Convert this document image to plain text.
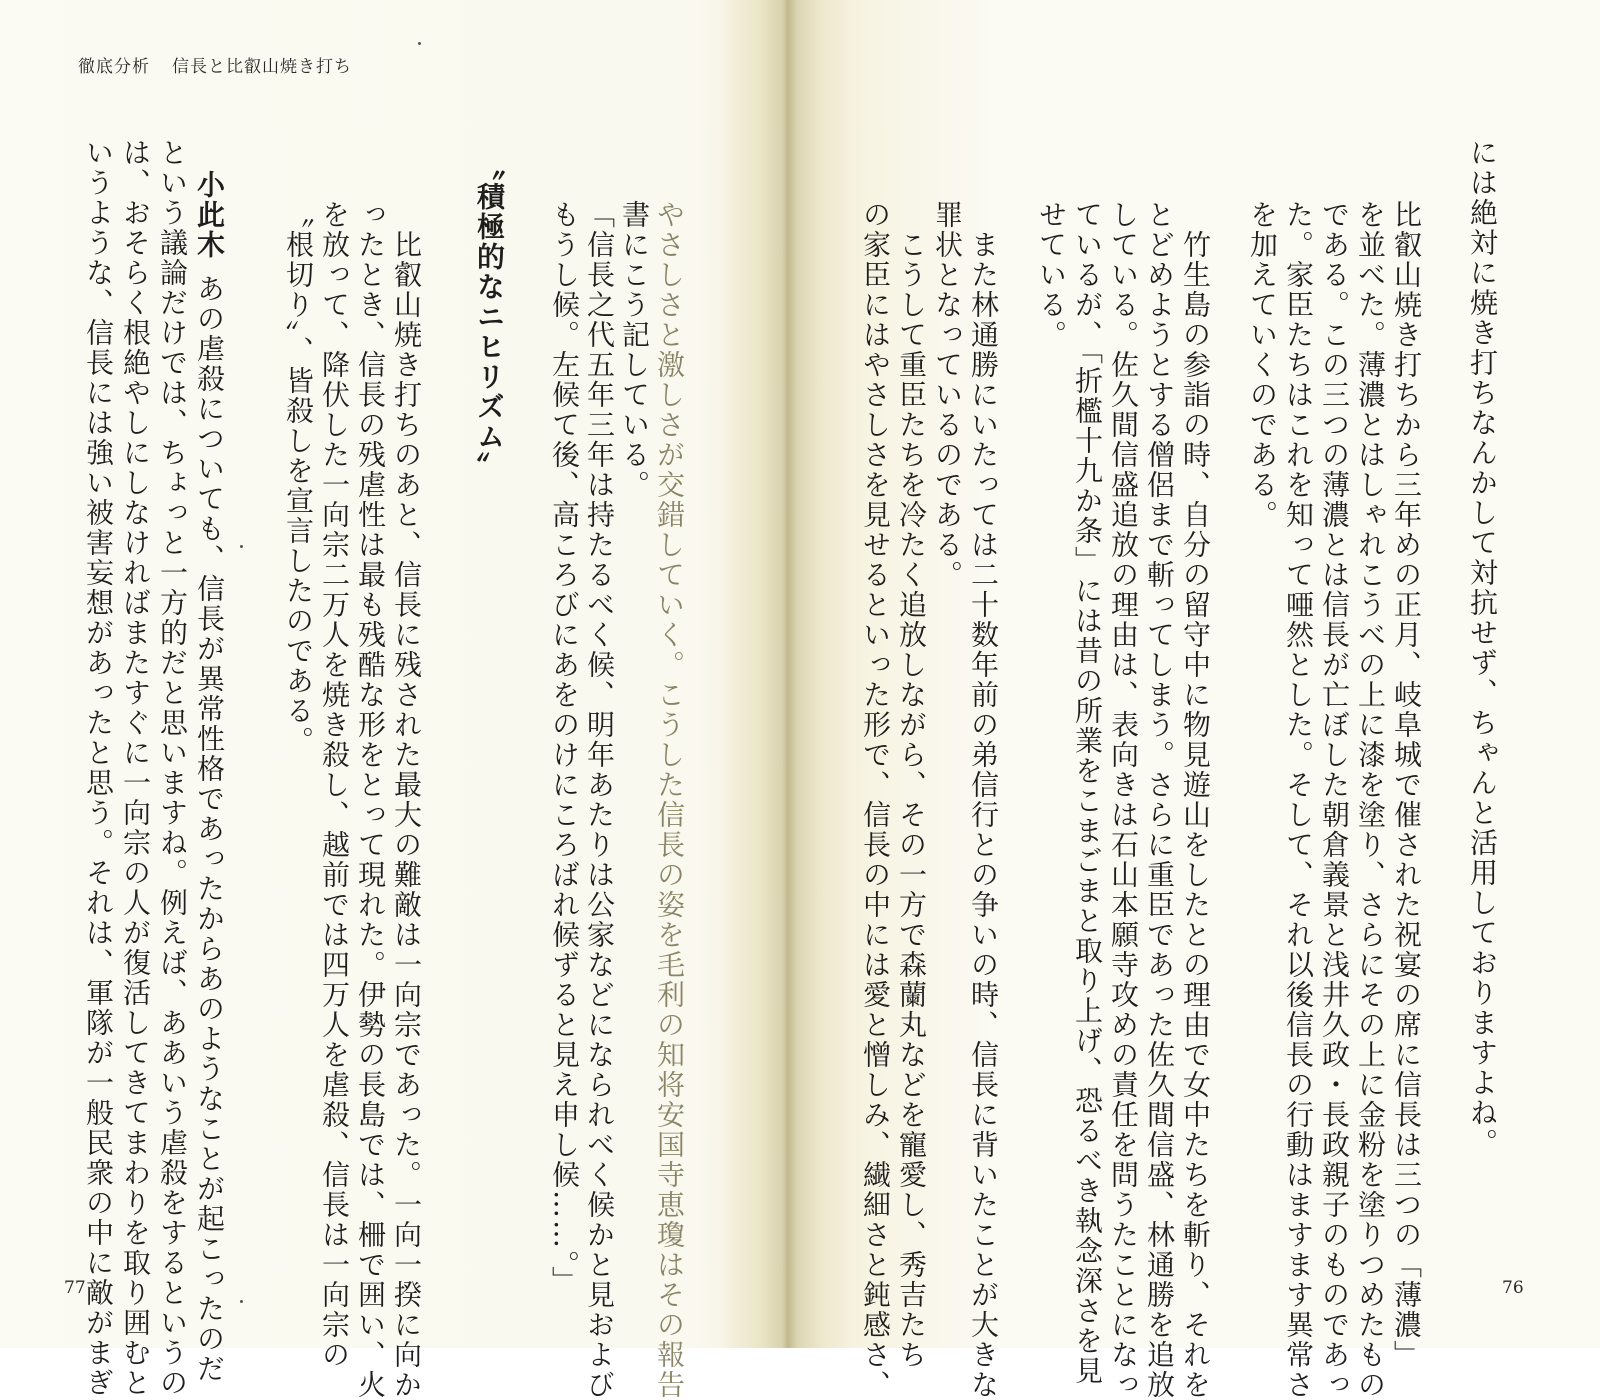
徹底分析 信長と比叡山焼き打ち
やさしさと激しさが交錯していく。こうした信長の姿を毛利の知将安国寺恵瓊はその報告
書にこう記している。
「信長之代五年三年は持たるべく候、明年あたりは公家などになられべく候かと見および
もうし候。左候て後、高ころびにあをのけにころばれ候ずると見え申し候……。」
〝積極的なニヒリズム〟
比叡山焼き打ちのあと、信長に残された最大の難敵は一向宗であった。一向一揆に向か
ったとき、信長の残虐性は最も残酷な形をとって現れた。伊勢の長島では、柵で囲い、火
を放って、降伏した一向宗二万人を焼き殺し、越前では四万人を虐殺、信長は一向宗の
〝根切り〟、皆殺しを宣言したのである。
小此木あの虐殺についても、信長が異常性格であったからあのようなことが起こったのだ
という議論だけでは、ちょっと一方的だと思いますね。例えば、ああいう虐殺をするというの
は、おそらく根絶やしにしなければまたすぐに一向宗の人が復活してきてまわりを取り囲むと
いうような、信長には強い被害妄想があったと思う。それは、軍隊が一般民衆の中に敵がまぎ
77
には絶対に焼き打ちなんかして対抗せず、ちゃんと活用しておりますよね。
比叡山焼き打ちから三年めの正月、岐阜城で催された祝宴の席に信長は三つの「薄濃」
を並べた。薄濃とはしゃれこうべの上に漆を塗り、さらにその上に金粉を塗りつめたもの
である。この三つの薄濃とは信長が亡ぼした朝倉義景と浅井久政・長政親子のものであっ
た。家臣たちはこれを知って唖然とした。そして、それ以後信長の行動はますます異常さ
を加えていくのである。
竹生島の参詣の時、自分の留守中に物見遊山をしたとの理由で女中たちを斬り、それを
とどめようとする僧侶まで斬ってしまう。さらに重臣であった佐久間信盛、林通勝を追放
している。佐久間信盛追放の理由は、表向きは石山本願寺攻めの責任を問うたことになっ
ているが、「折檻十九か条」には昔の所業をこまごまと取り上げ、恐るべき執念深さを見
せている。
また林通勝にいたっては二十数年前の弟信行との争いの時、信長に背いたことが大きな
罪状となっているのである。
こうして重臣たちを冷たく追放しながら、その一方で森蘭丸などを寵愛し、秀吉たち
の家臣にはやさしさを見せるといった形で、信長の中には愛と憎しみ、繊細さと鈍感さ、	76
